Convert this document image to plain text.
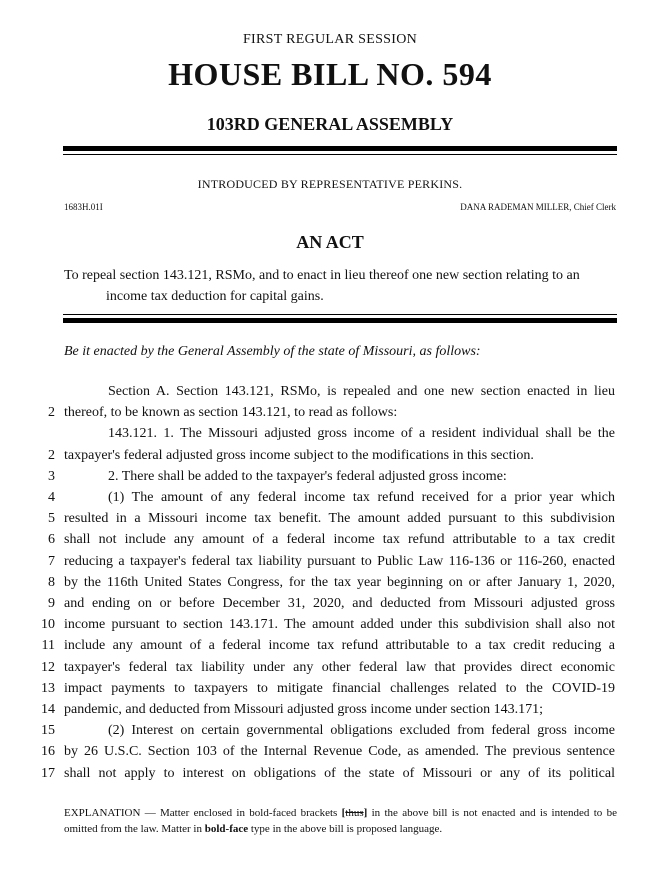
FIRST REGULAR SESSION
HOUSE BILL NO. 594
103RD GENERAL ASSEMBLY
INTRODUCED BY REPRESENTATIVE PERKINS.
1683H.01I	DANA RADEMAN MILLER, Chief Clerk
AN ACT
To repeal section 143.121, RSMo, and to enact in lieu thereof one new section relating to an
income tax deduction for capital gains.
Be it enacted by the General Assembly of the state of Missouri, as follows:
Section A. Section 143.121, RSMo, is repealed and one new section enacted in lieu
2 thereof, to be known as section 143.121, to read as follows:
143.121. 1. The Missouri adjusted gross income of a resident individual shall be the
2 taxpayer's federal adjusted gross income subject to the modifications in this section.
3	2. There shall be added to the taxpayer's federal adjusted gross income:
4	(1) The amount of any federal income tax refund received for a prior year which
5 resulted in a Missouri income tax benefit. The amount added pursuant to this subdivision
6 shall not include any amount of a federal income tax refund attributable to a tax credit
7 reducing a taxpayer's federal tax liability pursuant to Public Law 116-136 or 116-260, enacted
8 by the 116th United States Congress, for the tax year beginning on or after January 1, 2020,
9 and ending on or before December 31, 2020, and deducted from Missouri adjusted gross
10 income pursuant to section 143.171. The amount added under this subdivision shall also not
11 include any amount of a federal income tax refund attributable to a tax credit reducing a
12 taxpayer's federal tax liability under any other federal law that provides direct economic
13 impact payments to taxpayers to mitigate financial challenges related to the COVID-19
14 pandemic, and deducted from Missouri adjusted gross income under section 143.171;
15	(2) Interest on certain governmental obligations excluded from federal gross income
16 by 26 U.S.C. Section 103 of the Internal Revenue Code, as amended. The previous sentence
17 shall not apply to interest on obligations of the state of Missouri or any of its political
EXPLANATION — Matter enclosed in bold-faced brackets [thus] in the above bill is not enacted and is intended to be omitted from the law. Matter in bold-face type in the above bill is proposed language.
